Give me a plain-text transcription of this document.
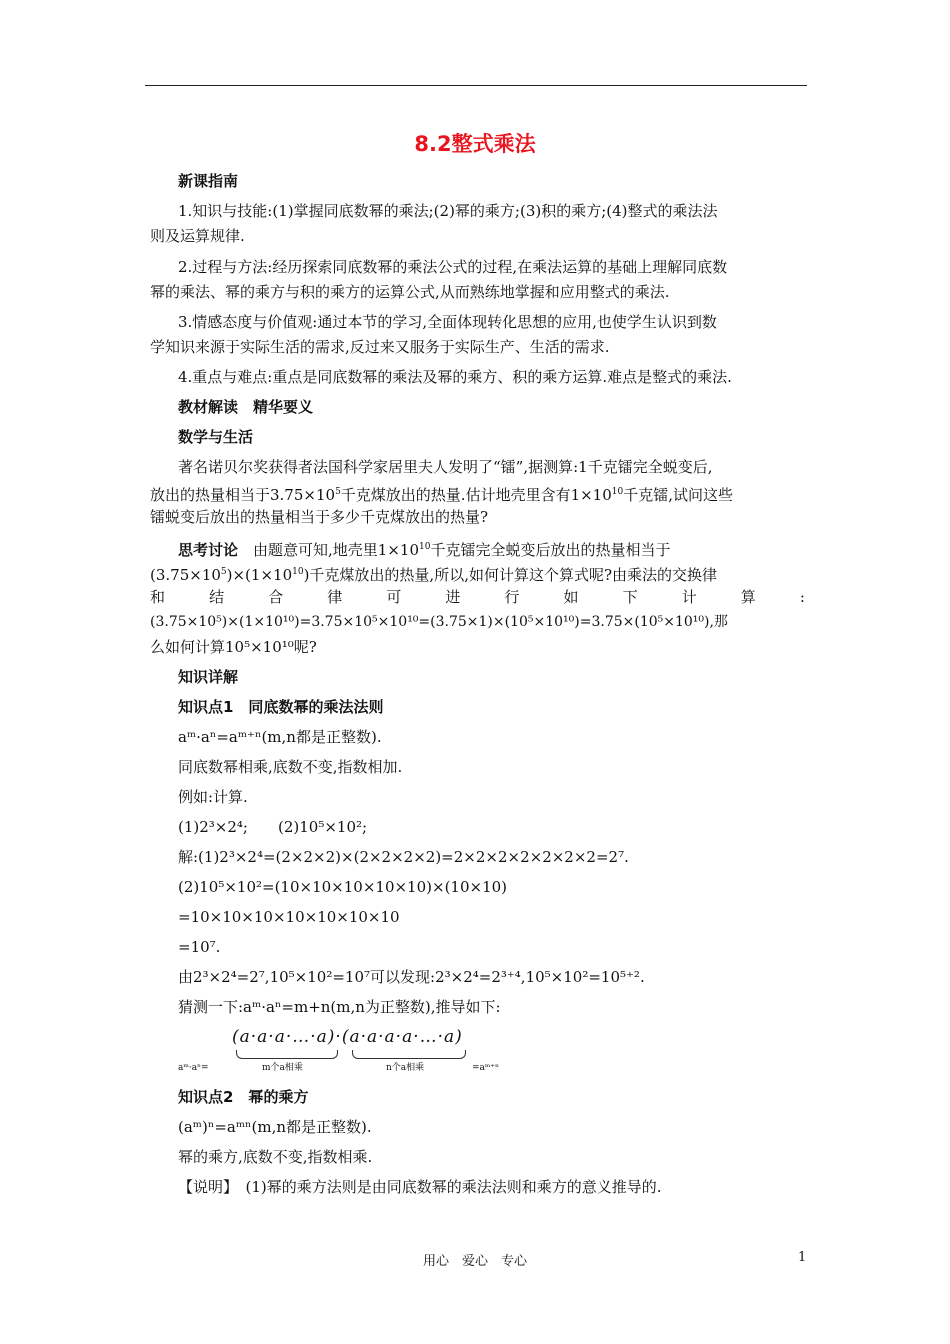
8.2整式乘法
新课指南
1.知识与技能:(1)掌握同底数幂的乘法;(2)幂的乘方;(3)积的乘方;(4)整式的乘法法
则及运算规律.
2.过程与方法:经历探索同底数幂的乘法公式的过程,在乘法运算的基础上理解同底数
幂的乘法、幂的乘方与积的乘方的运算公式,从而熟练地掌握和应用整式的乘法.
3.情感态度与价值观:通过本节的学习,全面体现转化思想的应用,也使学生认识到数
学知识来源于实际生活的需求,反过来又服务于实际生产、生活的需求.
4.重点与难点:重点是同底数幂的乘法及幂的乘方、积的乘方运算.难点是整式的乘法.
教材解读　精华要义
数学与生活
著名诺贝尔奖获得者法国科学家居里夫人发明了“镭”,据测算:1千克镭完全蜕变后,
放出的热量相当于$3.75\times 10^5$千克煤放出的热量.估计地壳里含有$1\times 10^{10}$千克镭,试问这些
镭蜕变后放出的热量相当于多少千克煤放出的热量?
思考讨论　由题意可知,地壳里$1\times 10^{10}$千克镭完全蜕变后放出的热量相当于
$(3.75\times 10^5)\times(1\times 10^{10})$千克煤放出的热量,所以,如何计算这个算式呢?由乘法的交换律
和	结	合	律	可	进	行	如	下	计	算	:
(3.75×10⁵)×(1×10¹⁰)=3.75×10⁵×10¹⁰=(3.75×1)×(10⁵×10¹⁰)=3.75×(10⁵×10¹⁰),那
么如何计算10⁵×10¹⁰呢?
知识详解
知识点1　同底数幂的乘法法则
aᵐ·aⁿ=aᵐ⁺ⁿ(m,n都是正整数).
同底数幂相乘,底数不变,指数相加.
例如:计算.
(1)2³×2⁴;　　(2)10⁵×10²;
解:(1)2³×2⁴=(2×2×2)×(2×2×2×2)=2×2×2×2×2×2×2=2⁷.
(2)10⁵×10²=(10×10×10×10×10)×(10×10)
=10×10×10×10×10×10×10
=10⁷.
由2³×2⁴=2⁷,10⁵×10²=10⁷可以发现:2³×2⁴=2³⁺⁴,10⁵×10²=10⁵⁺².
猜测一下:aᵐ·aⁿ=m+n(m,n为正整数),推导如下:
(a·a·a·…·a)·(a·a·a·a·…·a)
aᵐ·aⁿ=	m个a相乘	n个a相乘	=aᵐ⁺ⁿ
知识点2　幂的乘方
(aᵐ)ⁿ=aᵐⁿ(m,n都是正整数).
幂的乘方,底数不变,指数相乘.
【说明】　(1)幂的乘方法则是由同底数幂的乘法法则和乘方的意义推导的.
用心　爱心　专心	1
